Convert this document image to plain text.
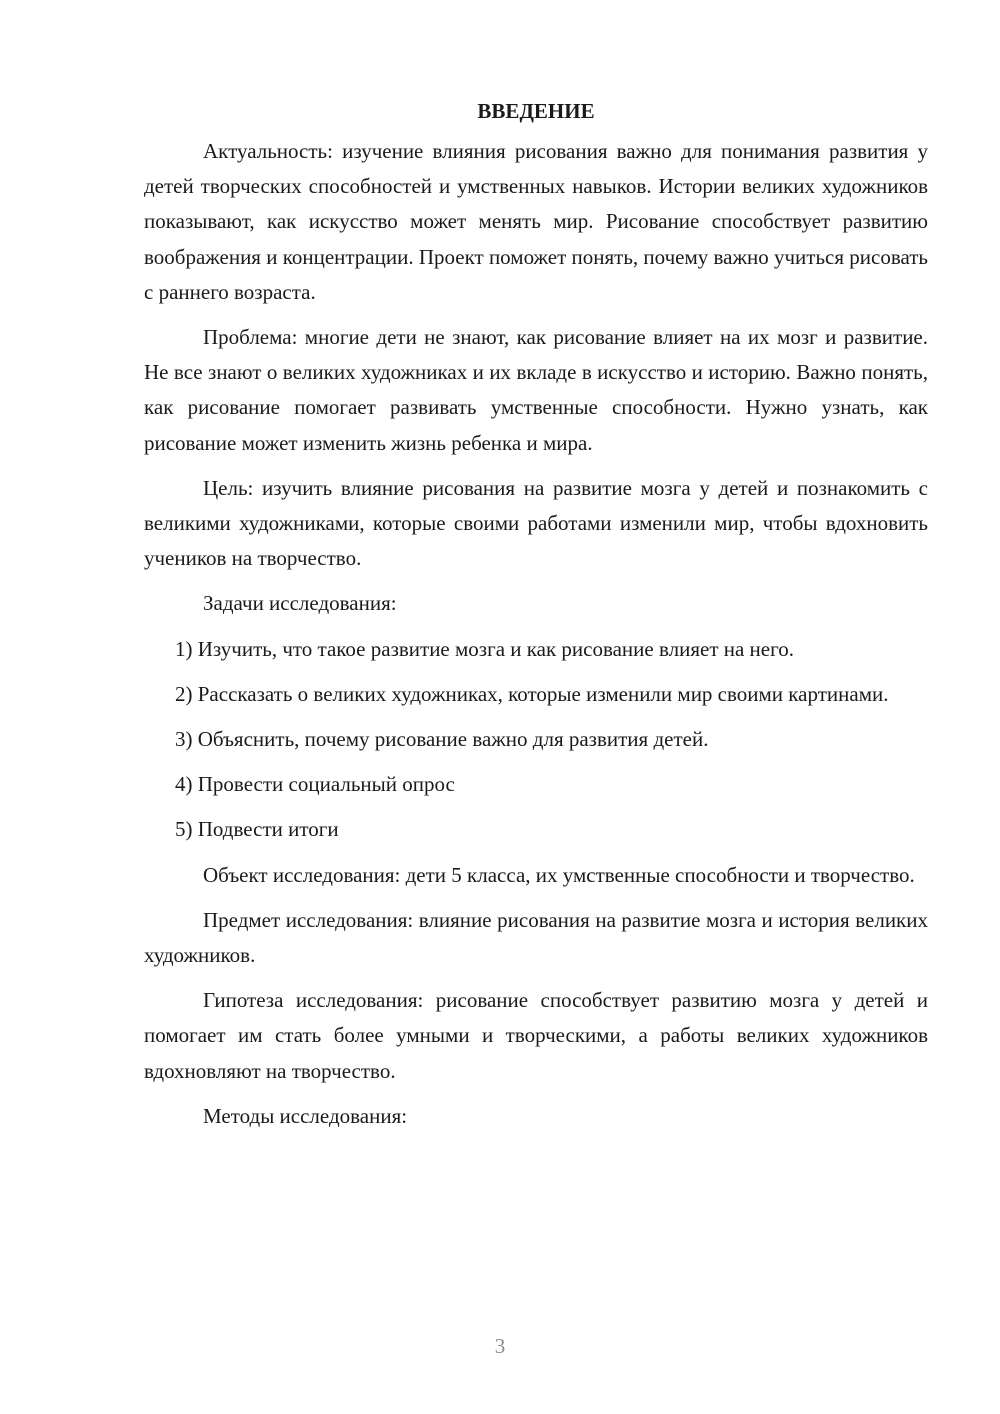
ВВЕДЕНИЕ

Актуальность: изучение влияния рисования важно для понимания развития у детей творческих способностей и умственных навыков. Истории великих художников показывают, как искусство может менять мир. Рисование способствует развитию воображения и концентрации. Проект поможет понять, почему важно учиться рисовать с раннего возраста.

Проблема: многие дети не знают, как рисование влияет на их мозг и развитие. Не все знают о великих художниках и их вкладе в искусство и историю. Важно понять, как рисование помогает развивать умственные способности. Нужно узнать, как рисование может изменить жизнь ребенка и мира.

Цель: изучить влияние рисования на развитие мозга у детей и познакомить с великими художниками, которые своими работами изменили мир, чтобы вдохновить учеников на творчество.

Задачи исследования:

1) Изучить, что такое развитие мозга и как рисование влияет на него.

2) Рассказать о великих художниках, которые изменили мир своими картинами.

3) Объяснить, почему рисование важно для развития детей.

4) Провести социальный опрос

5) Подвести итоги

Объект исследования: дети 5 класса, их умственные способности и творчество.

Предмет исследования: влияние рисования на развитие мозга и история великих художников.

Гипотеза исследования: рисование способствует развитию мозга у детей и помогает им стать более умными и творческими, а работы великих художников вдохновляют на творчество.

Методы исследования:

3
